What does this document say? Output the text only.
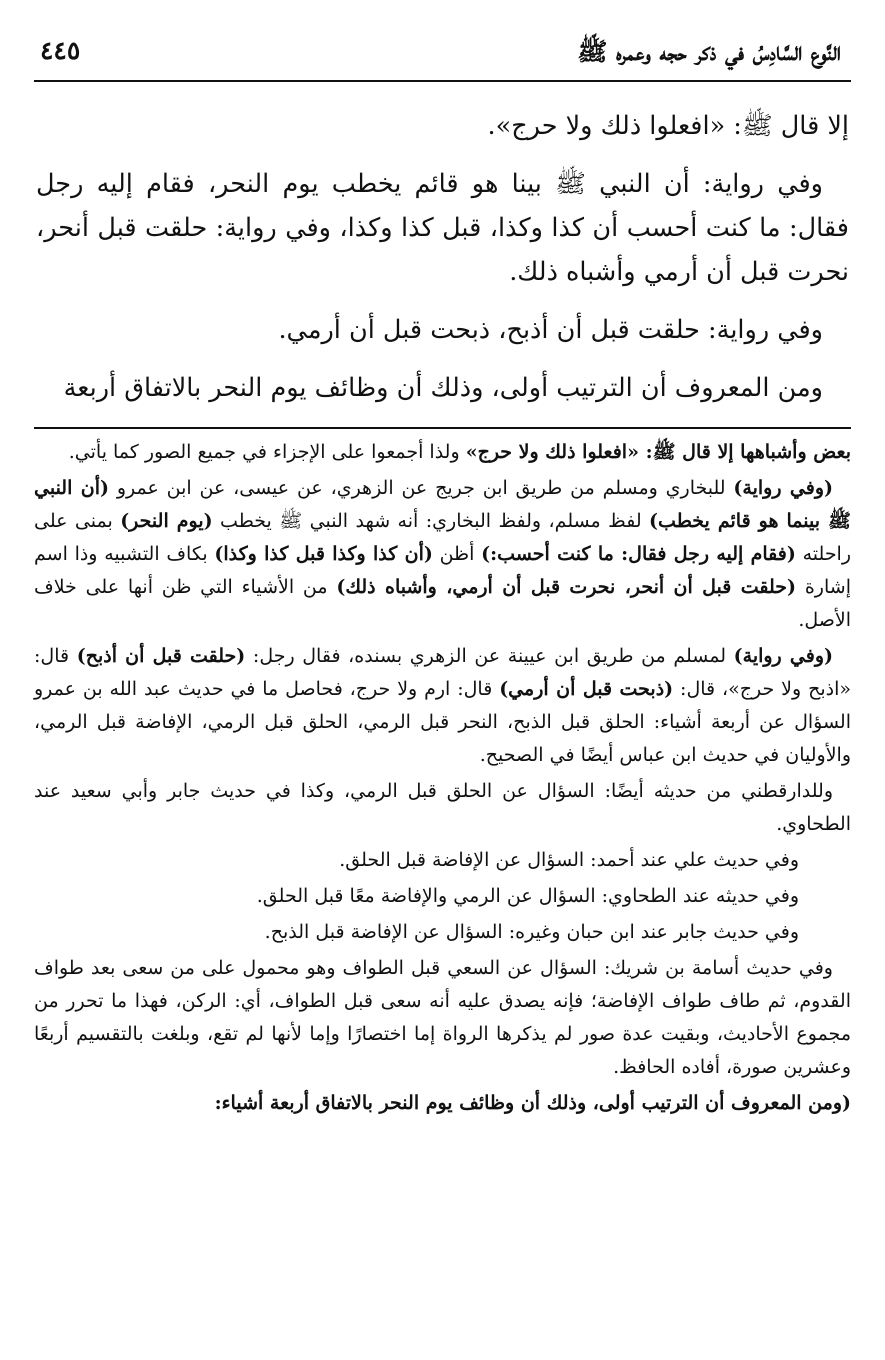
النَّوع السَّادِسُ في ذكر حجه وعمره ﷺ
٤٤٥

إلا قال ﷺ: «افعلوا ذلك ولا حرج».

وفي رواية: أن النبي ﷺ بينا هو قائم يخطب يوم النحر، فقام إليه رجل فقال: ما كنت أحسب أن كذا وكذا، قبل كذا وكذا، وفي رواية: حلقت قبل أنحر، نحرت قبل أن أرمي وأشباه ذلك.

وفي رواية: حلقت قبل أن أذبح، ذبحت قبل أن أرمي.

ومن المعروف أن الترتيب أولى، وذلك أن وظائف يوم النحر بالاتفاق أربعة

بعض وأشباهها إلا قال ﷺ: «افعلوا ذلك ولا حرج» ولذا أجمعوا على الإجزاء في جميع الصور كما يأتي.

(وفي رواية) للبخاري ومسلم من طريق ابن جريج عن الزهري، عن عيسى، عن ابن عمرو (أن النبي ﷺ بينما هو قائم يخطب) لفظ مسلم، ولفظ البخاري: أنه شهد النبي ﷺ يخطب (يوم النحر) بمنى على راحلته (فقام إليه رجل فقال: ما كنت أحسب:) أظن (أن كذا وكذا قبل كذا وكذا) بكاف التشبيه وذا اسم إشارة (حلقت قبل أن أنحر، نحرت قبل أن أرمي، وأشباه ذلك) من الأشياء التي ظن أنها على خلاف الأصل.

(وفي رواية) لمسلم من طريق ابن عيينة عن الزهري بسنده، فقال رجل: (حلقت قبل أن أذبح) قال: «اذبح ولا حرج»، قال: (ذبحت قبل أن أرمي) قال: ارم ولا حرج، فحاصل ما في حديث عبد الله بن عمرو السؤال عن أربعة أشياء: الحلق قبل الذبح، النحر قبل الرمي، الحلق قبل الرمي، الإفاضة قبل الرمي، والأوليان في حديث ابن عباس أيضًا في الصحيح.

وللدارقطني من حديثه أيضًا: السؤال عن الحلق قبل الرمي، وكذا في حديث جابر وأبي سعيد عند الطحاوي.

وفي حديث علي عند أحمد: السؤال عن الإفاضة قبل الحلق.

وفي حديثه عند الطحاوي: السؤال عن الرمي والإفاضة معًا قبل الحلق.

وفي حديث جابر عند ابن حبان وغيره: السؤال عن الإفاضة قبل الذبح.

وفي حديث أسامة بن شريك: السؤال عن السعي قبل الطواف وهو محمول على من سعى بعد طواف القدوم، ثم طاف طواف الإفاضة؛ فإنه يصدق عليه أنه سعى قبل الطواف، أي: الركن، فهذا ما تحرر من مجموع الأحاديث، وبقيت عدة صور لم يذكرها الرواة إما اختصارًا وإما لأنها لم تقع، وبلغت بالتقسيم أربعًا وعشرين صورة، أفاده الحافظ.

(ومن المعروف أن الترتيب أولى، وذلك أن وظائف يوم النحر بالاتفاق أربعة أشياء:
